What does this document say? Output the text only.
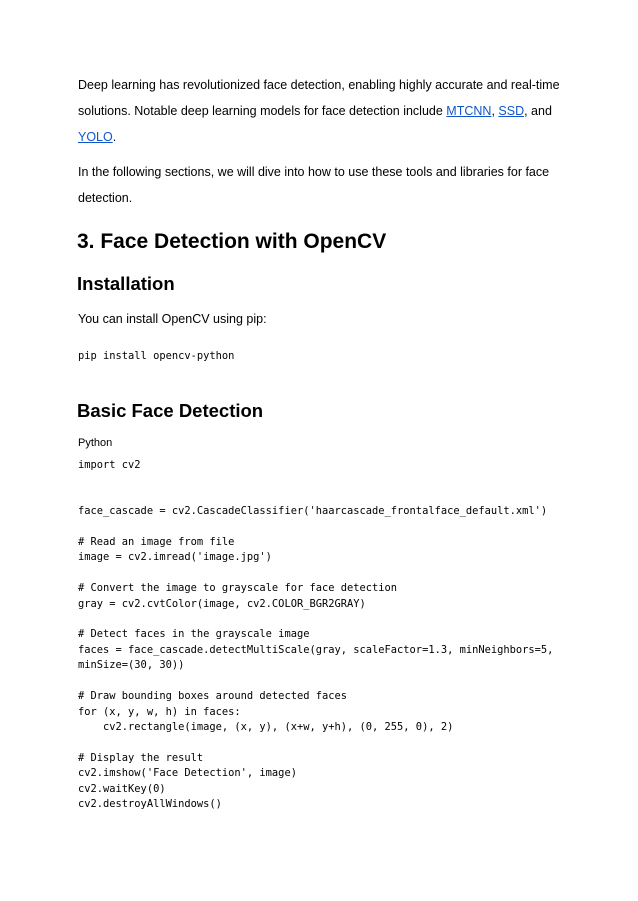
Deep learning has revolutionized face detection, enabling highly accurate and real-time solutions. Notable deep learning models for face detection include MTCNN, SSD, and YOLO.

In the following sections, we will dive into how to use these tools and libraries for face detection.

3. Face Detection with OpenCV
Installation

You can install OpenCV using pip:

pip install opencv-python
Basic Face Detection

Python

import cv2

face_cascade = cv2.CascadeClassifier('haarcascade_frontalface_default.xml')

# Read an image from file
image = cv2.imread('image.jpg')

# Convert the image to grayscale for face detection
gray = cv2.cvtColor(image, cv2.COLOR_BGR2GRAY)

# Detect faces in the grayscale image
faces = face_cascade.detectMultiScale(gray, scaleFactor=1.3, minNeighbors=5,
minSize=(30, 30))

# Draw bounding boxes around detected faces
for (x, y, w, h) in faces:
cv2.rectangle(image, (x, y), (x+w, y+h), (0, 255, 0), 2)

# Display the result
cv2.imshow('Face Detection', image)
cv2.waitKey(0)
cv2.destroyAllWindows()
